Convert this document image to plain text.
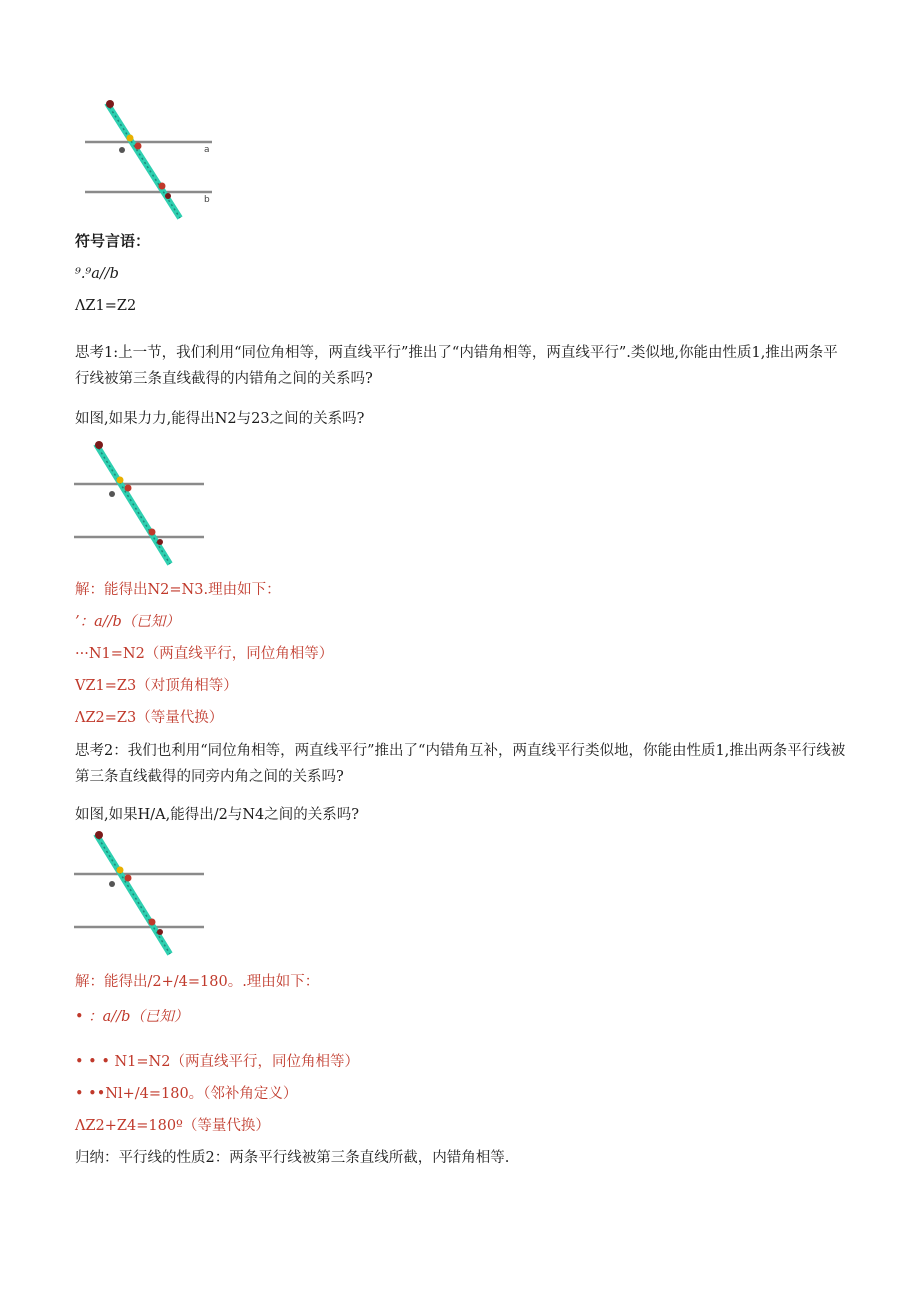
a
b
符号言语：
⁹.⁹a//b
ΛZ1=Z2
思考1:上一节，我们利用“同位角相等，两直线平行”推出了“内错角相等，两直线平行”.类似地,你能由性质1,推出两条平行线被第三条直线截得的内错角之间的关系吗?
如图,如果力力,能得出N2与23之间的关系吗?
解：能得出N2=N3.理由如下：
’：a//b（已知）
···N1=N2（两直线平行，同位角相等）
VZ1=Z3（对顶角相等）
ΛZ2=Z3（等量代换）
思考2：我们也利用“同位角相等，两直线平行”推出了“内错角互补，两直线平行类似地，你能由性质1,推出两条平行线被第三条直线截得的同旁内角之间的关系吗?
如图,如果H/A,能得出/2与N4之间的关系吗?
解：能得出/2+/4=180。.理由如下：
• ：a//b（已知）
• • • N1=N2（两直线平行，同位角相等）
• ••Nl+/4=180。（邻补角定义）
ΛZ2+Z4=180º（等量代换）
归纳：平行线的性质2：两条平行线被第三条直线所截，内错角相等.
